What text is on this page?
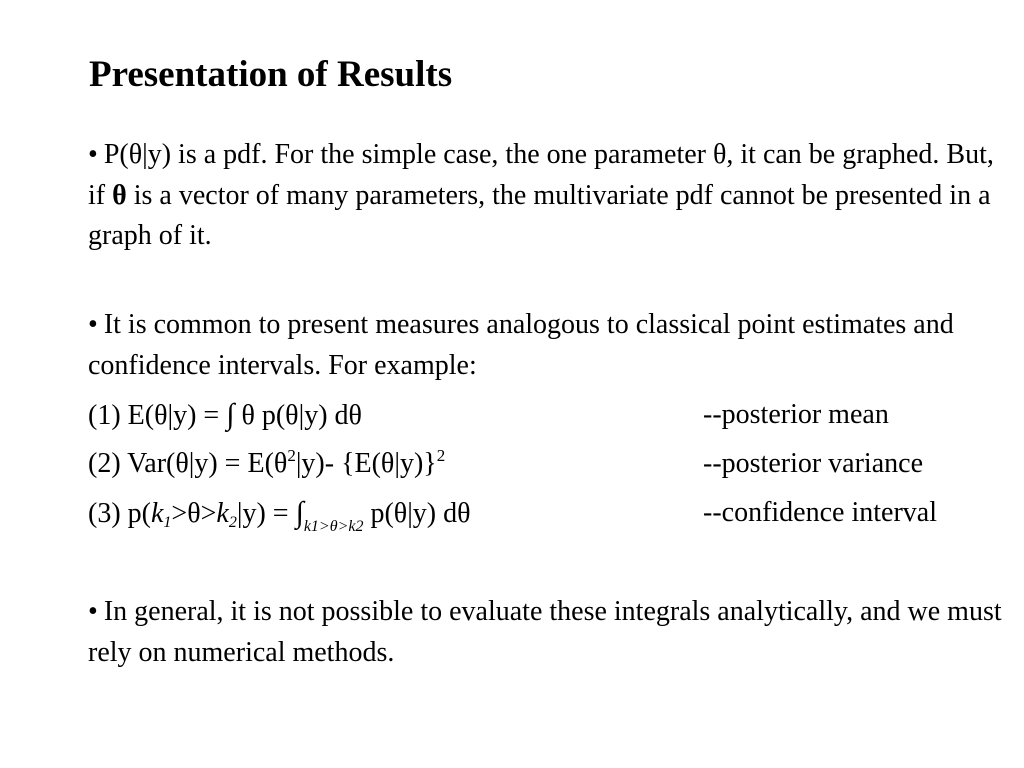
Presentation of Results
• P(θ|y) is a pdf. For the simple case, the one parameter θ, it can be graphed. But, if θ is a vector of many parameters, the multivariate pdf cannot be presented in a graph of it.
• It is common to present measures analogous to classical point estimates and confidence intervals. For example:
(1) E(θ|y) = ∫ θ p(θ|y) dθ	--posterior mean
(2) $Var(\theta|y) = E(\theta^2|y)-$ $\{E(\theta|y)\}^2$	--posterior variance
(3) $p(k1>\theta>k2|y) = \int_{k1>\theta>k2}$ p(θ|y) dθ	--confidence interval
• In general, it is not possible to evaluate these integrals analytically, and we must rely on numerical methods.
